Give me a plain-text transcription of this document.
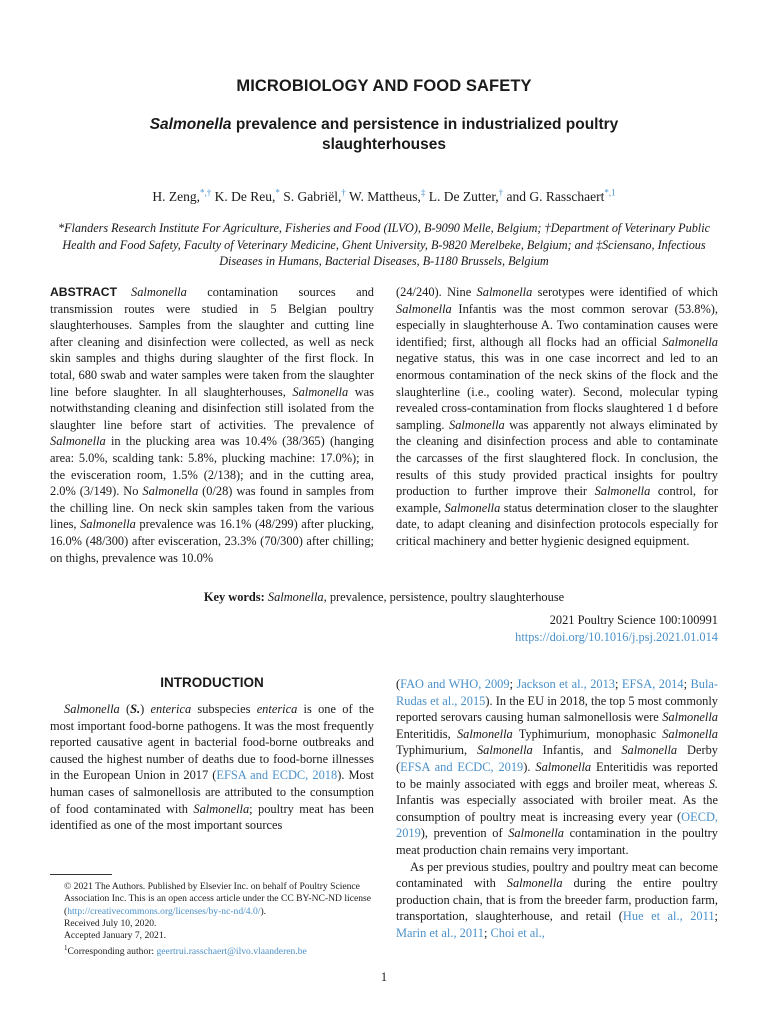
MICROBIOLOGY AND FOOD SAFETY
Salmonella prevalence and persistence in industrialized poultry slaughterhouses
H. Zeng,*,† K. De Reu,* S. Gabriël,† W. Mattheus,‡ L. De Zutter,† and G. Rasschaert$^{*,1}$
*Flanders Research Institute For Agriculture, Fisheries and Food (ILVO), B-9090 Melle, Belgium; †Department of Veterinary Public Health and Food Safety, Faculty of Veterinary Medicine, Ghent University, B-9820 Merelbeke, Belgium; and ‡Sciensano, Infectious Diseases in Humans, Bacterial Diseases, B-1180 Brussels, Belgium
ABSTRACT Salmonella contamination sources and transmission routes were studied in 5 Belgian poultry slaughterhouses. Samples from the slaughter and cutting line after cleaning and disinfection were collected, as well as neck skin samples and thighs during slaughter of the first flock. In total, 680 swab and water samples were taken from the slaughter line before slaughter. In all slaughterhouses, Salmonella was notwithstanding cleaning and disinfection still isolated from the slaughter line before start of activities. The prevalence of Salmonella in the plucking area was 10.4% (38/365) (hanging area: 5.0%, scalding tank: 5.8%, plucking machine: 17.0%); in the evisceration room, 1.5% (2/138); and in the cutting area, 2.0% (3/149). No Salmonella (0/28) was found in samples from the chilling line. On neck skin samples taken from the various lines, Salmonella prevalence was 16.1% (48/299) after plucking, 16.0% (48/300) after evisceration, 23.3% (70/300) after chilling; on thighs, prevalence was 10.0%
(24/240). Nine Salmonella serotypes were identified of which Salmonella Infantis was the most common serovar (53.8%), especially in slaughterhouse A. Two contamination causes were identified; first, although all flocks had an official Salmonella negative status, this was in one case incorrect and led to an enormous contamination of the neck skins of the flock and the slaughterline (i.e., cooling water). Second, molecular typing revealed cross-contamination from flocks slaughtered 1 d before sampling. Salmonella was apparently not always eliminated by the cleaning and disinfection process and able to contaminate the carcasses of the first slaughtered flock. In conclusion, the results of this study provided practical insights for poultry production to further improve their Salmonella control, for example, Salmonella status determination closer to the slaughter date, to adapt cleaning and disinfection protocols especially for critical machinery and better hygienic designed equipment.
Key words: Salmonella, prevalence, persistence, poultry slaughterhouse
2021 Poultry Science 100:100991
https://doi.org/10.1016/j.psj.2021.01.014
INTRODUCTION

Salmonella (S.) enterica subspecies enterica is one of the most important food-borne pathogens. It was the most frequently reported causative agent in bacterial food-borne outbreaks and caused the highest number of deaths due to food-borne illnesses in the European Union in 2017 (EFSA and ECDC, 2018). Most human cases of salmonellosis are attributed to the consumption of food contaminated with Salmonella; poultry meat has been identified as one of the most important sources

(FAO and WHO, 2009; Jackson et al., 2013; EFSA, 2014; Bula-Rudas et al., 2015). In the EU in 2018, the top 5 most commonly reported serovars causing human salmonellosis were Salmonella Enteritidis, Salmonella Typhimurium, monophasic Salmonella Typhimurium, Salmonella Infantis, and Salmonella Derby (EFSA and ECDC, 2019). Salmonella Enteritidis was reported to be mainly associated with eggs and broiler meat, whereas S. Infantis was especially associated with broiler meat. As the consumption of poultry meat is increasing every year (OECD, 2019), prevention of Salmonella contamination in the poultry meat production chain remains very important.

As per previous studies, poultry and poultry meat can become contaminated with Salmonella during the entire poultry production chain, that is from the breeder farm, production farm, transportation, slaughterhouse, and retail (Hue et al., 2011; Marin et al., 2011; Choi et al.,

© 2021 The Authors. Published by Elsevier Inc. on behalf of Poultry Science Association Inc. This is an open access article under the CC BY-NC-ND license (http://creativecommons.org/licenses/by-nc-nd/4.0/).
Received July 10, 2020.
Accepted January 7, 2021.
$^1$Corresponding author: geertrui.rasschaert@ilvo.vlaanderen.be
1
